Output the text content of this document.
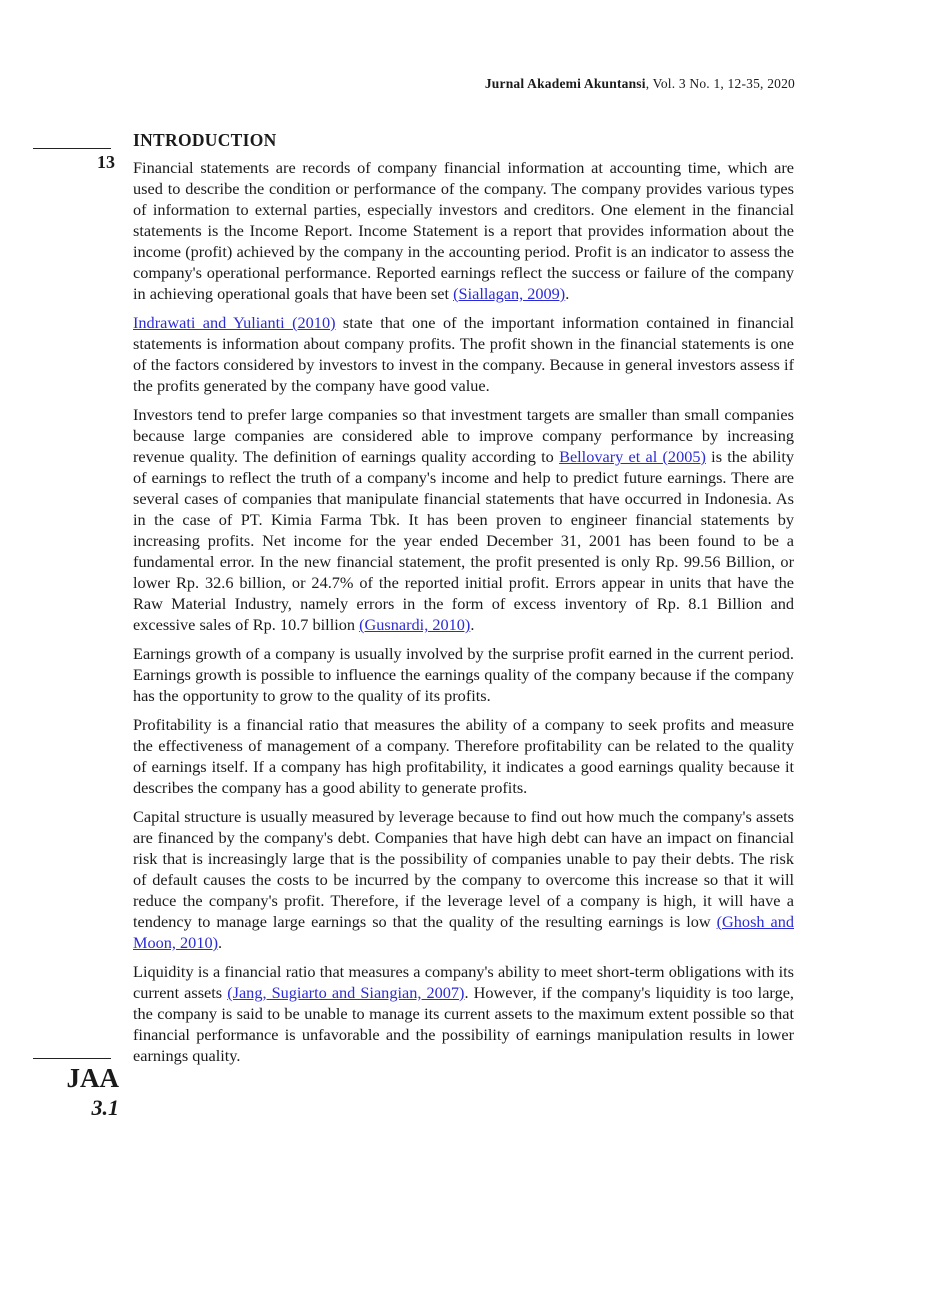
Jurnal Akademi Akuntansi, Vol. 3 No. 1, 12-35, 2020
13
JAA
3.1
INTRODUCTION

Financial statements are records of company financial information at accounting time, which are used to describe the condition or performance of the company. The company provides various types of information to external parties, especially investors and creditors. One element in the financial statements is the Income Report. Income Statement is a report that provides information about the income (profit) achieved by the company in the accounting period. Profit is an indicator to assess the company's operational performance. Reported earnings reflect the success or failure of the company in achieving operational goals that have been set (Siallagan, 2009).

Indrawati and Yulianti (2010) state that one of the important information contained in financial statements is information about company profits. The profit shown in the financial statements is one of the factors considered by investors to invest in the company. Because in general investors assess if the profits generated by the company have good value.

Investors tend to prefer large companies so that investment targets are smaller than small companies because large companies are considered able to improve company performance by increasing revenue quality. The definition of earnings quality according to Bellovary et al (2005) is the ability of earnings to reflect the truth of a company's income and help to predict future earnings. There are several cases of companies that manipulate financial statements that have occurred in Indonesia. As in the case of PT. Kimia Farma Tbk. It has been proven to engineer financial statements by increasing profits. Net income for the year ended December 31, 2001 has been found to be a fundamental error. In the new financial statement, the profit presented is only Rp. 99.56 Billion, or lower Rp. 32.6 billion, or 24.7% of the reported initial profit. Errors appear in units that have the Raw Material Industry, namely errors in the form of excess inventory of Rp. 8.1 Billion and excessive sales of Rp. 10.7 billion (Gusnardi, 2010).

Earnings growth of a company is usually involved by the surprise profit earned in the current period. Earnings growth is possible to influence the earnings quality of the company because if the company has the opportunity to grow to the quality of its profits.

Profitability is a financial ratio that measures the ability of a company to seek profits and measure the effectiveness of management of a company. Therefore profitability can be related to the quality of earnings itself. If a company has high profitability, it indicates a good earnings quality because it describes the company has a good ability to generate profits.

Capital structure is usually measured by leverage because to find out how much the company's assets are financed by the company's debt. Companies that have high debt can have an impact on financial risk that is increasingly large that is the possibility of companies unable to pay their debts. The risk of default causes the costs to be incurred by the company to overcome this increase so that it will reduce the company's profit. Therefore, if the leverage level of a company is high, it will have a tendency to manage large earnings so that the quality of the resulting earnings is low (Ghosh and Moon, 2010).

Liquidity is a financial ratio that measures a company's ability to meet short-term obligations with its current assets (Jang, Sugiarto and Siangian, 2007). However, if the company's liquidity is too large, the company is said to be unable to manage its current assets to the maximum extent possible so that financial performance is unfavorable and the possibility of earnings manipulation results in lower earnings quality.
